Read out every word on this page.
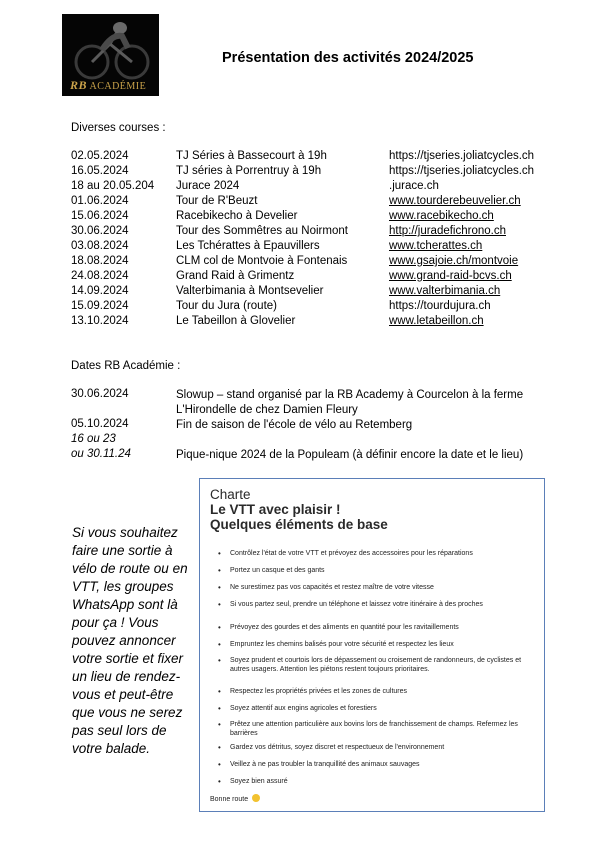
RB ACADÉMIE
Présentation des activités 2024/2025
Diverses courses :
02.05.2024	TJ Séries à Bassecourt à 19h	https://tjseries.joliatcycles.ch
16.05.2024	TJ séries à Porrentruy à 19h	https://tjseries.joliatcycles.ch
18 au 20.05.204 Jurace 2024	.jurace.ch
01.06.2024	Tour de R'Beuzt	www.tourderebeuvelier.ch
15.06.2024	Racebikecho à Develier	www.racebikecho.ch
30.06.2024	Tour des Sommêtres au Noirmont	http://juradefichrono.ch
03.08.2024	Les Tchérattes à Epauvillers	www.tcherattes.ch
18.08.2024	CLM col de Montvoie à Fontenais	www.gsajoie.ch/montvoie
24.08.2024	Grand Raid à Grimentz	www.grand-raid-bcvs.ch
14.09.2024	Valterbimania à Montsevelier	www.valterbimania.ch
15.09.2024	Tour du Jura (route)	https://tourdujura.ch
13.10.2024	Le Tabeillon à Glovelier	www.letabeillon.ch
Dates RB Académie :
30.06.2024	Slowup – stand organisé par la RB Academy à Courcelon à la ferme L'Hirondelle de chez Damien Fleury
05.10.2024	Fin de saison de l'école de vélo au Retemberg
16 ou 23
ou 30.11.24	Pique-nique 2024 de la Populeam (à définir encore la date et le lieu)
Si vous souhaitez faire une sortie à vélo de route ou en VTT, les groupes WhatsApp sont là pour ça ! Vous pouvez annoncer votre sortie et fixer un lieu de rendez-vous et peut-être que vous ne serez pas seul lors de votre balade.
Charte
Le VTT avec plaisir !
Quelques éléments de base
• Contrôlez l'état de votre VTT et prévoyez des accessoires pour les réparations
• Portez un casque et des gants
• Ne surestimez pas vos capacités et restez maître de votre vitesse
• Si vous partez seul, prendre un téléphone et laissez votre itinéraire à des proches
• Prévoyez des gourdes et des aliments en quantité pour les ravitaillements
• Empruntez les chemins balisés pour votre sécurité et respectez les lieux
• Soyez prudent et courtois lors de dépassement ou croisement de randonneurs, de cyclistes et autres usagers. Attention les piétons restent toujours prioritaires.
• Respectez les propriétés privées et les zones de cultures
• Soyez attentif aux engins agricoles et forestiers
• Prêtez une attention particulière aux bovins lors de franchissement de champs. Refermez les barrières
• Gardez vos détritus, soyez discret et respectueux de l'environnement
• Veillez à ne pas troubler la tranquillité des animaux sauvages
• Soyez bien assuré
Bonne route
